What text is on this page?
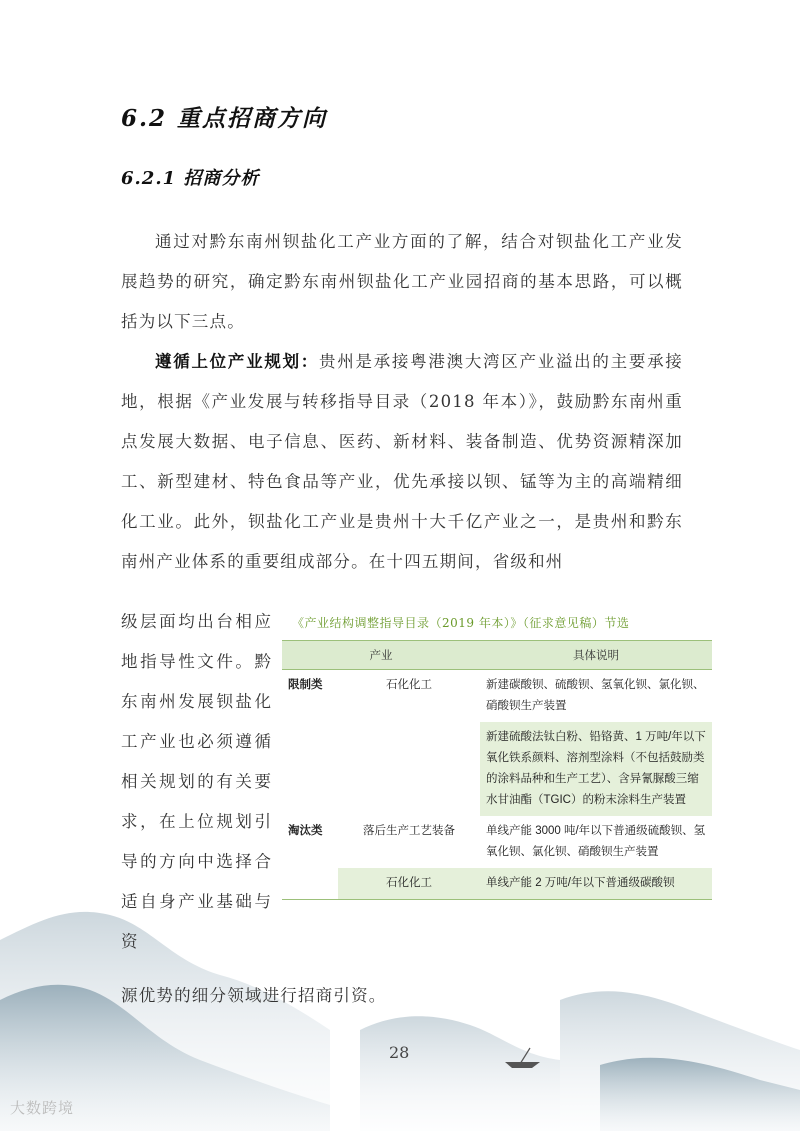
6.2 重点招商方向
6.2.1 招商分析
通过对黔东南州钡盐化工产业方面的了解，结合对钡盐化工产业发展趋势的研究，确定黔东南州钡盐化工产业园招商的基本思路，可以概括为以下三点。
遵循上位产业规划：贵州是承接粤港澳大湾区产业溢出的主要承接地，根据《产业发展与转移指导目录（2018 年本）》，鼓励黔东南州重点发展大数据、电子信息、医药、新材料、装备制造、优势资源精深加工、新型建材、特色食品等产业，优先承接以钡、锰等为主的高端精细化工业。此外，钡盐化工产业是贵州十大千亿产业之一，是贵州和黔东南州产业体系的重要组成部分。在十四五期间，省级和州
级层面均出台相应地指导性文件。黔东南州发展钡盐化工产业也必须遵循相关规划的有关要求，在上位规划引导的方向中选择合适自身产业基础与资
源优势的细分领域进行招商引资。
《产业结构调整指导目录（2019 年本）》（征求意见稿）节选
产业		具体说明
限制类	石化化工	新建碳酸钡、硫酸钡、氢氧化钡、氯化钡、硝酸钡生产装置
		新建硫酸法钛白粉、铅铬黄、1 万吨/年以下氧化铁系颜料、溶剂型涂料（不包括鼓励类的涂料品种和生产工艺）、含异氰脲酸三缩水甘油酯（TGIC）的粉末涂料生产装置
淘汰类	落后生产工艺装备	单线产能 3000 吨/年以下普通级硫酸钡、氢氧化钡、氯化钡、硝酸钡生产装置
	石化化工	单线产能 2 万吨/年以下普通级碳酸钡
28
大数跨境
